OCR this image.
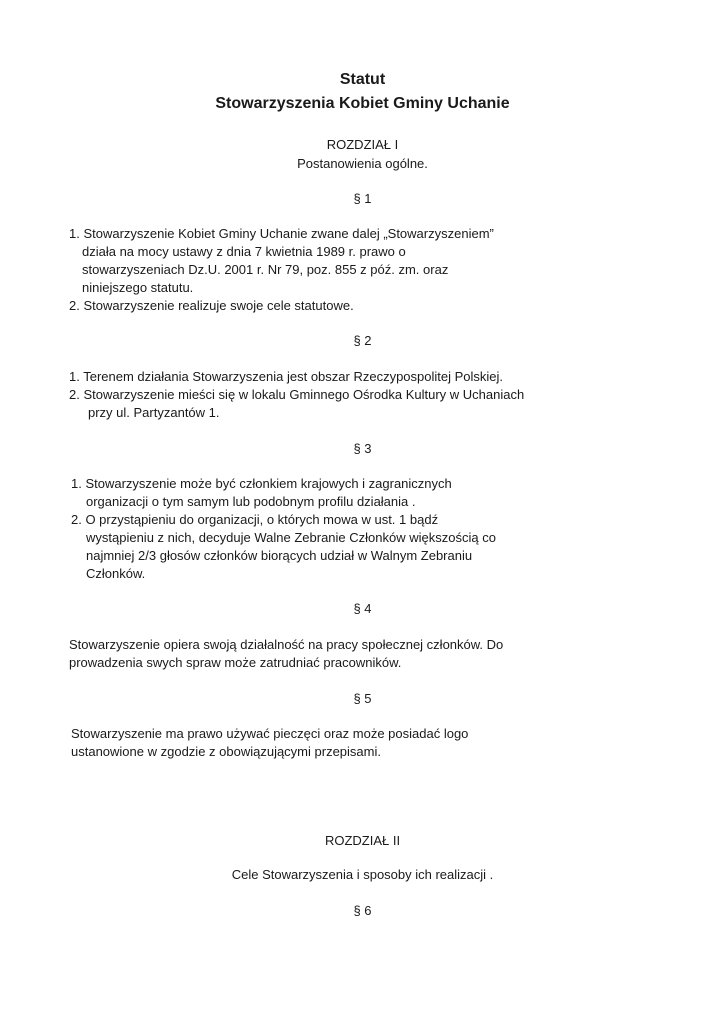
Statut
Stowarzyszenia Kobiet Gminy Uchanie
ROZDZIAŁ I
Postanowienia ogólne.
§ 1
1. Stowarzyszenie Kobiet Gminy Uchanie zwane dalej „Stowarzyszeniem”
działa na mocy ustawy z dnia 7 kwietnia 1989 r. prawo o
stowarzyszeniach Dz.U. 2001 r. Nr 79, poz. 855 z póź. zm. oraz
niniejszego statutu.
2. Stowarzyszenie realizuje swoje cele statutowe.
§ 2
1. Terenem działania Stowarzyszenia jest obszar Rzeczypospolitej Polskiej.
2. Stowarzyszenie mieści się w lokalu Gminnego Ośrodka Kultury w Uchaniach
przy ul. Partyzantów 1.
§ 3
1. Stowarzyszenie może być członkiem krajowych i zagranicznych
organizacji o tym samym lub podobnym profilu działania .
2. O przystąpieniu do organizacji, o których mowa w ust. 1 bądź
wystąpieniu z nich, decyduje Walne Zebranie Członków większością co
najmniej 2/3 głosów członków biorących udział w Walnym Zebraniu
Członków.
§ 4
Stowarzyszenie opiera swoją działalność na pracy społecznej członków. Do
prowadzenia swych spraw może zatrudniać pracowników.
§ 5
Stowarzyszenie ma prawo używać pieczęci oraz może posiadać logo
ustanowione w zgodzie z obowiązującymi przepisami.
ROZDZIAŁ II
Cele Stowarzyszenia i sposoby ich realizacji .
§ 6
